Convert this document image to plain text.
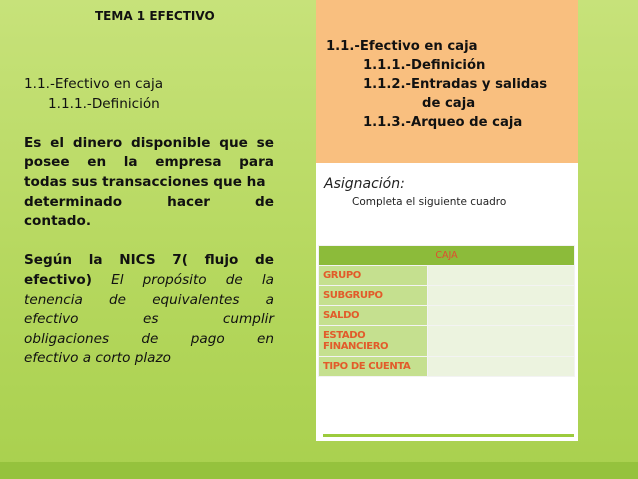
TEMA 1 EFECTIVO
1.1.-Efectivo en caja
1.1.1.-Definición
Es el dinero disponible que se
posee en la empresa para
todas sus transacciones que ha
determinado	hacer	de
contado.
Según la NICS 7( flujo de
efectivo) El propósito de la
tenencia de equivalentes a
efectivo	es	cumplir
obligaciones de pago en
efectivo a corto plazo
1.1.-Efectivo en caja
1.1.1.-Definición
1.1.2.-Entradas y salidas
de caja
1.1.3.-Arqueo de caja
Asignación:
Completa el siguiente cuadro
CAJA	
GRUPO	
SUBGRUPO	
SALDO	
ESTADO FINANCIERO	
TIPO DE CUENTA	
